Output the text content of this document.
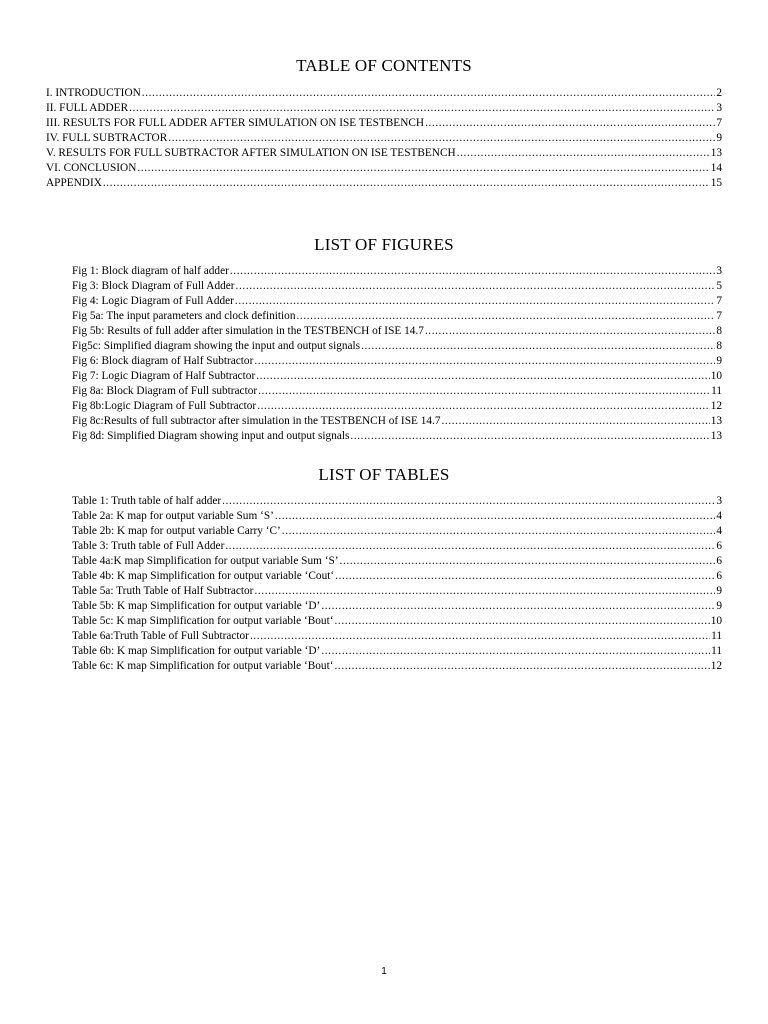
TABLE OF CONTENTS
I. INTRODUCTION .....	2
II. FULL ADDER .....	3
III. RESULTS FOR FULL ADDER AFTER SIMULATION ON ISE TESTBENCH .....	7
IV. FULL SUBTRACTOR .....	9
V. RESULTS FOR FULL SUBTRACTOR AFTER SIMULATION ON ISE TESTBENCH .....	13
VI. CONCLUSION .....	14
APPENDIX .....	15
LIST OF FIGURES
Fig 1: Block diagram of half adder .....	3
Fig 3: Block Diagram of Full Adder .....	5
Fig 4: Logic Diagram of Full Adder .....	7
Fig 5a: The input parameters and clock definition .....	7
Fig 5b: Results of full adder after simulation in the TESTBENCH of ISE 14.7 .....	8
Fig5c: Simplified diagram showing the input and output signals .....	8
Fig 6: Block diagram of Half Subtractor .....	9
Fig 7: Logic Diagram of Half Subtractor .....	10
Fig 8a: Block Diagram of Full subtractor .....	11
Fig 8b:Logic Diagram of Full Subtractor .....	12
Fig 8c:Results of full subtractor after simulation in the TESTBENCH of ISE 14.7 .....	13
Fig 8d: Simplified Diagram showing input and output signals .....	13
LIST OF TABLES
Table 1: Truth table of half adder .....	3
Table 2a: K map for output variable Sum ‘S’ .....	4
Table 2b: K map for output variable Carry ‘C’ .....	4
Table 3: Truth table of Full Adder .....	6
Table 4a:K map Simplification for output variable Sum ‘S’ .....	6
Table 4b: K map Simplification for output variable ‘Cout‘ .....	6
Table 5a: Truth Table of Half Subtractor .....	9
Table 5b: K map Simplification for output variable ‘D’ .....	9
Table 5c: K map Simplification for output variable ‘Bout‘ .....	10
Table 6a:Truth Table of Full Subtractor .....	11
Table 6b: K map Simplification for output variable ‘D’ .....	11
Table 6c: K map Simplification for output variable ‘Bout‘ .....	12
1
